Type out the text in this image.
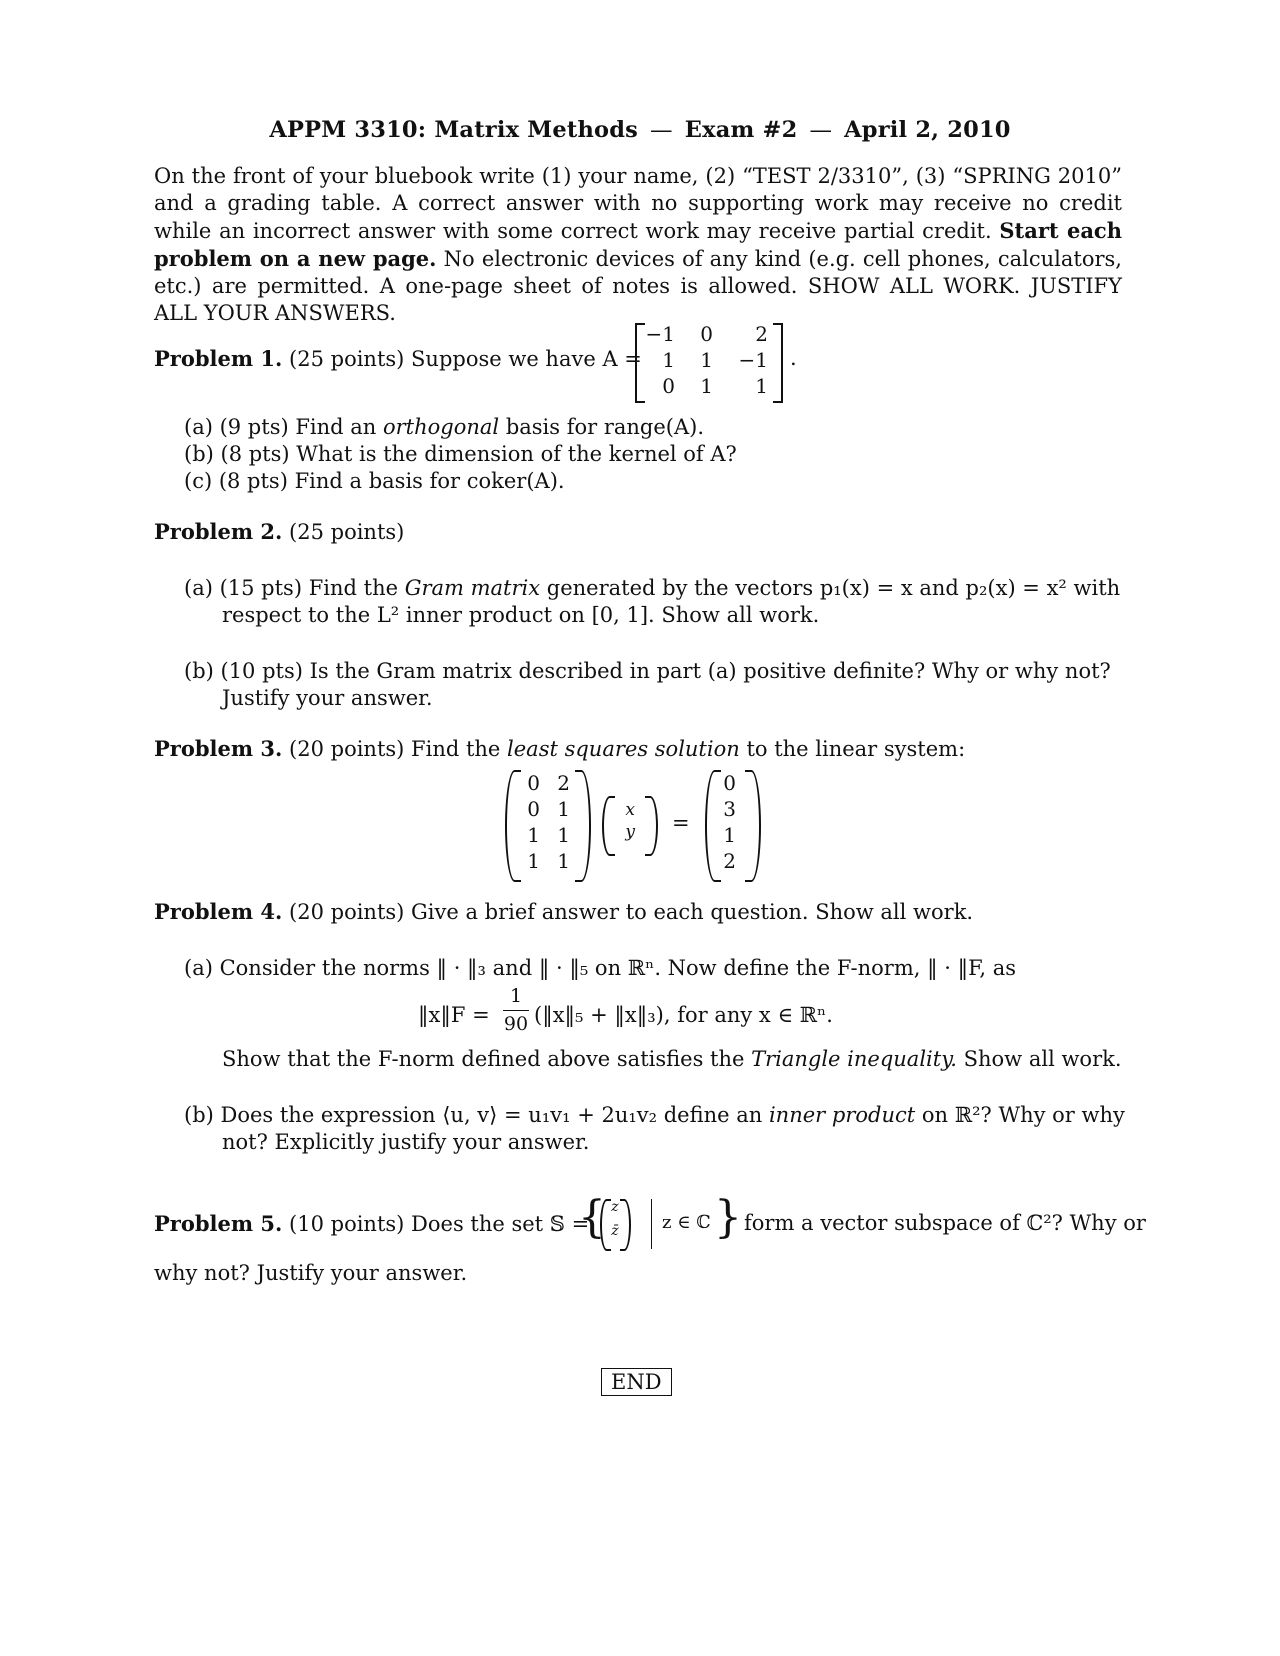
APPM 3310: Matrix Methods — Exam #2 — April 2, 2010
On the front of your bluebook write (1) your name, (2) “TEST 2/3310”, (3) “SPRING 2010” and a grading table. A correct answer with no supporting work may receive no credit while an incorrect answer with some correct work may receive partial credit. Start each problem on a new page. No electronic devices of any kind (e.g. cell phones, calculators, etc.) are permitted. A one-page sheet of notes is allowed. SHOW ALL WORK. JUSTIFY ALL YOUR ANSWERS.
Problem 1. (25 points) Suppose we have A =
−1	0	2
1	1 −1
0	1	1
.
(a) (9 pts) Find an orthogonal basis for range(A).
(b) (8 pts) What is the dimension of the kernel of A?
(c) (8 pts) Find a basis for coker(A).
Problem 2. (25 points)
(a) (15 pts) Find the Gram matrix generated by the vectors p₁(x) = x and p₂(x) = x² with
respect to the L² inner product on [0, 1]. Show all work.
(b) (10 pts) Is the Gram matrix described in part (a) positive definite? Why or why not?
Justify your answer.
Problem 3. (20 points) Find the least squares solution to the linear system:
0 2
0 1
1 1
1 1
x
y =
0
3
1
2
Problem 4. (20 points) Give a brief answer to each question. Show all work.
(a) Consider the norms ‖ · ‖₃ and ‖ · ‖₅ on ℝⁿ. Now define the F-norm, ‖ · ‖F, as
‖x‖F =
1
90 (‖x‖₅ + ‖x‖₃), for any x ∈ ℝⁿ.
Show that the F-norm defined above satisfies the Triangle inequality. Show all work.
(b) Does the expression ⟨u, v⟩ = u₁v₁ + 2u₁v₂ define an inner product on ℝ²? Why or why
not? Explicitly justify your answer.
Problem 5. (10 points) Does the set 𝕊 =
{ z
z̄ z ∈ ℂ } form a vector subspace of ℂ²? Why or
why not? Justify your answer.
END
